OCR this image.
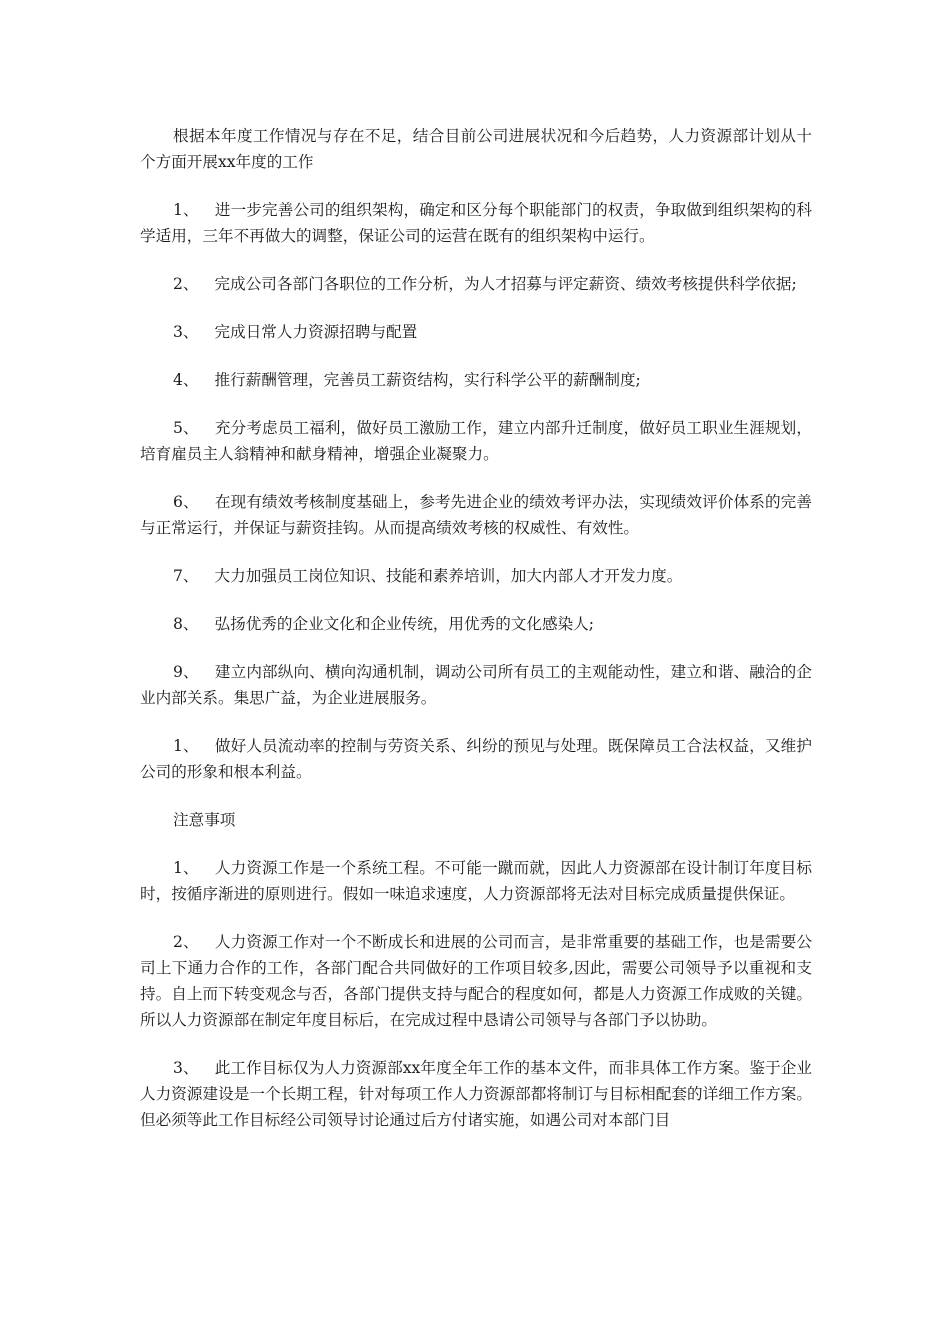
根据本年度工作情况与存在不足，结合目前公司进展状况和今后趋势，人力资源部计划从十个方面开展xx年度的工作

1、 进一步完善公司的组织架构，确定和区分每个职能部门的权责，争取做到组织架构的科学适用，三年不再做大的调整，保证公司的运营在既有的组织架构中运行。

2、 完成公司各部门各职位的工作分析，为人才招募与评定薪资、绩效考核提供科学依据;

3、 完成日常人力资源招聘与配置

4、 推行薪酬管理，完善员工薪资结构，实行科学公平的薪酬制度;

5、 充分考虑员工福利，做好员工激励工作，建立内部升迁制度，做好员工职业生涯规划，培育雇员主人翁精神和献身精神，增强企业凝聚力。

6、 在现有绩效考核制度基础上，参考先进企业的绩效考评办法，实现绩效评价体系的完善与正常运行，并保证与薪资挂钩。从而提高绩效考核的权威性、有效性。

7、 大力加强员工岗位知识、技能和素养培训，加大内部人才开发力度。

8、 弘扬优秀的企业文化和企业传统，用优秀的文化感染人;

9、 建立内部纵向、横向沟通机制，调动公司所有员工的主观能动性，建立和谐、融洽的企业内部关系。集思广益，为企业进展服务。

1、 做好人员流动率的控制与劳资关系、纠纷的预见与处理。既保障员工合法权益，又维护公司的形象和根本利益。

注意事项

1、 人力资源工作是一个系统工程。不可能一蹴而就，因此人力资源部在设计制订年度目标时，按循序渐进的原则进行。假如一味追求速度，人力资源部将无法对目标完成质量提供保证。

2、 人力资源工作对一个不断成长和进展的公司而言，是非常重要的基础工作，也是需要公司上下通力合作的工作，各部门配合共同做好的工作项目较多,因此，需要公司领导予以重视和支持。自上而下转变观念与否，各部门提供支持与配合的程度如何，都是人力资源工作成败的关键。所以人力资源部在制定年度目标后，在完成过程中恳请公司领导与各部门予以协助。

3、 此工作目标仅为人力资源部xx年度全年工作的基本文件，而非具体工作方案。鉴于企业人力资源建设是一个长期工程，针对每项工作人力资源部都将制订与目标相配套的详细工作方案。但必须等此工作目标经公司领导讨论通过后方付诸实施，如遇公司对本部门目
